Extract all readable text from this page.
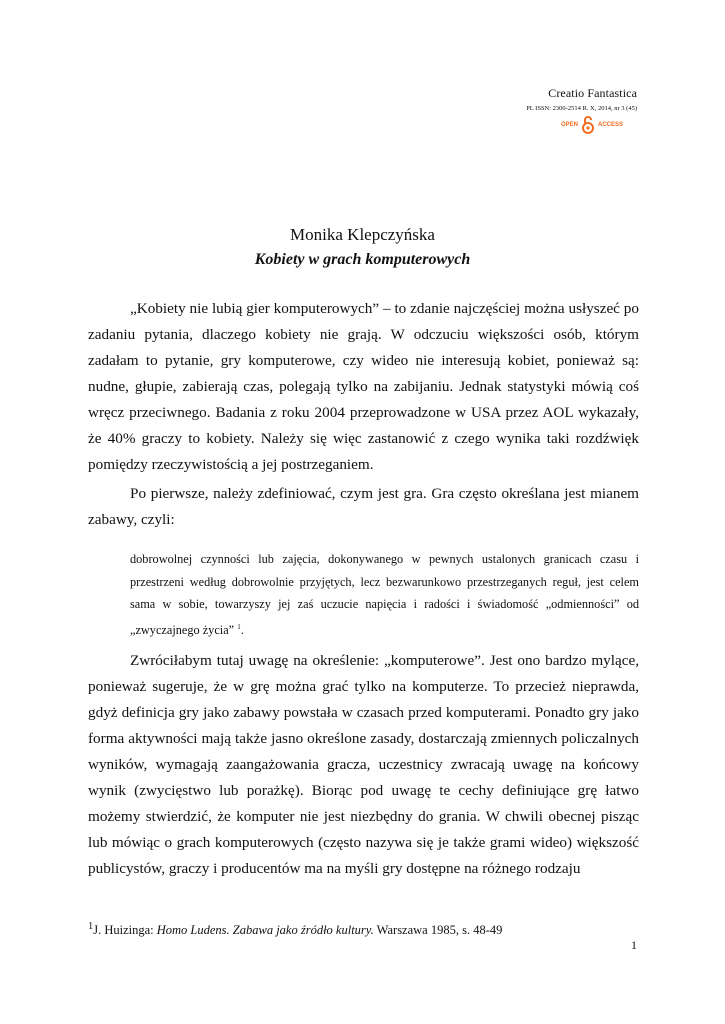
Creatio Fantastica
PL ISSN: 2300-2514 R. X, 2014, nr 3 (45)
OPEN	ACCESS
Monika Klepczyńska
Kobiety w grach komputerowych

„Kobiety nie lubią gier komputerowych” – to zdanie najczęściej można usłyszeć po zadaniu pytania, dlaczego kobiety nie grają. W odczuciu większości osób, którym zadałam to pytanie, gry komputerowe, czy wideo nie interesują kobiet, ponieważ są: nudne, głupie, zabierają czas, polegają tylko na zabijaniu. Jednak statystyki mówią coś wręcz przeciwnego. Badania z roku 2004 przeprowadzone w USA przez AOL wykazały, że 40% graczy to kobiety. Należy się więc zastanowić z czego wynika taki rozdźwięk pomiędzy rzeczywistością a jej postrzeganiem.

Po pierwsze, należy zdefiniować, czym jest gra. Gra często określana jest mianem zabawy, czyli:

dobrowolnej czynności lub zajęcia, dokonywanego w pewnych ustalonych granicach czasu i przestrzeni według dobrowolnie przyjętych, lecz bezwarunkowo przestrzeganych reguł, jest celem sama w sobie, towarzyszy jej zaś uczucie napięcia i radości i świadomość „odmienności” od „zwyczajnego życia” $^1$.

Zwróciłabym tutaj uwagę na określenie: „komputerowe”. Jest ono bardzo mylące, ponieważ sugeruje, że w grę można grać tylko na komputerze. To przecież nieprawda, gdyż definicja gry jako zabawy powstała w czasach przed komputerami. Ponadto gry jako forma aktywności mają także jasno określone zasady, dostarczają zmiennych policzalnych wyników, wymagają zaangażowania gracza, uczestnicy zwracają uwagę na końcowy wynik (zwycięstwo lub porażkę). Biorąc pod uwagę te cechy definiujące grę łatwo możemy stwierdzić, że komputer nie jest niezbędny do grania. W chwili obecnej pisząc lub mówiąc o grach komputerowych (często nazywa się je także grami wideo) większość publicystów, graczy i producentów ma na myśli gry dostępne na różnego rodzaju

$^1$J. Huizinga: Homo Ludens. Zabawa jako źródło kultury. Warszawa 1985, s. 48-49
1
